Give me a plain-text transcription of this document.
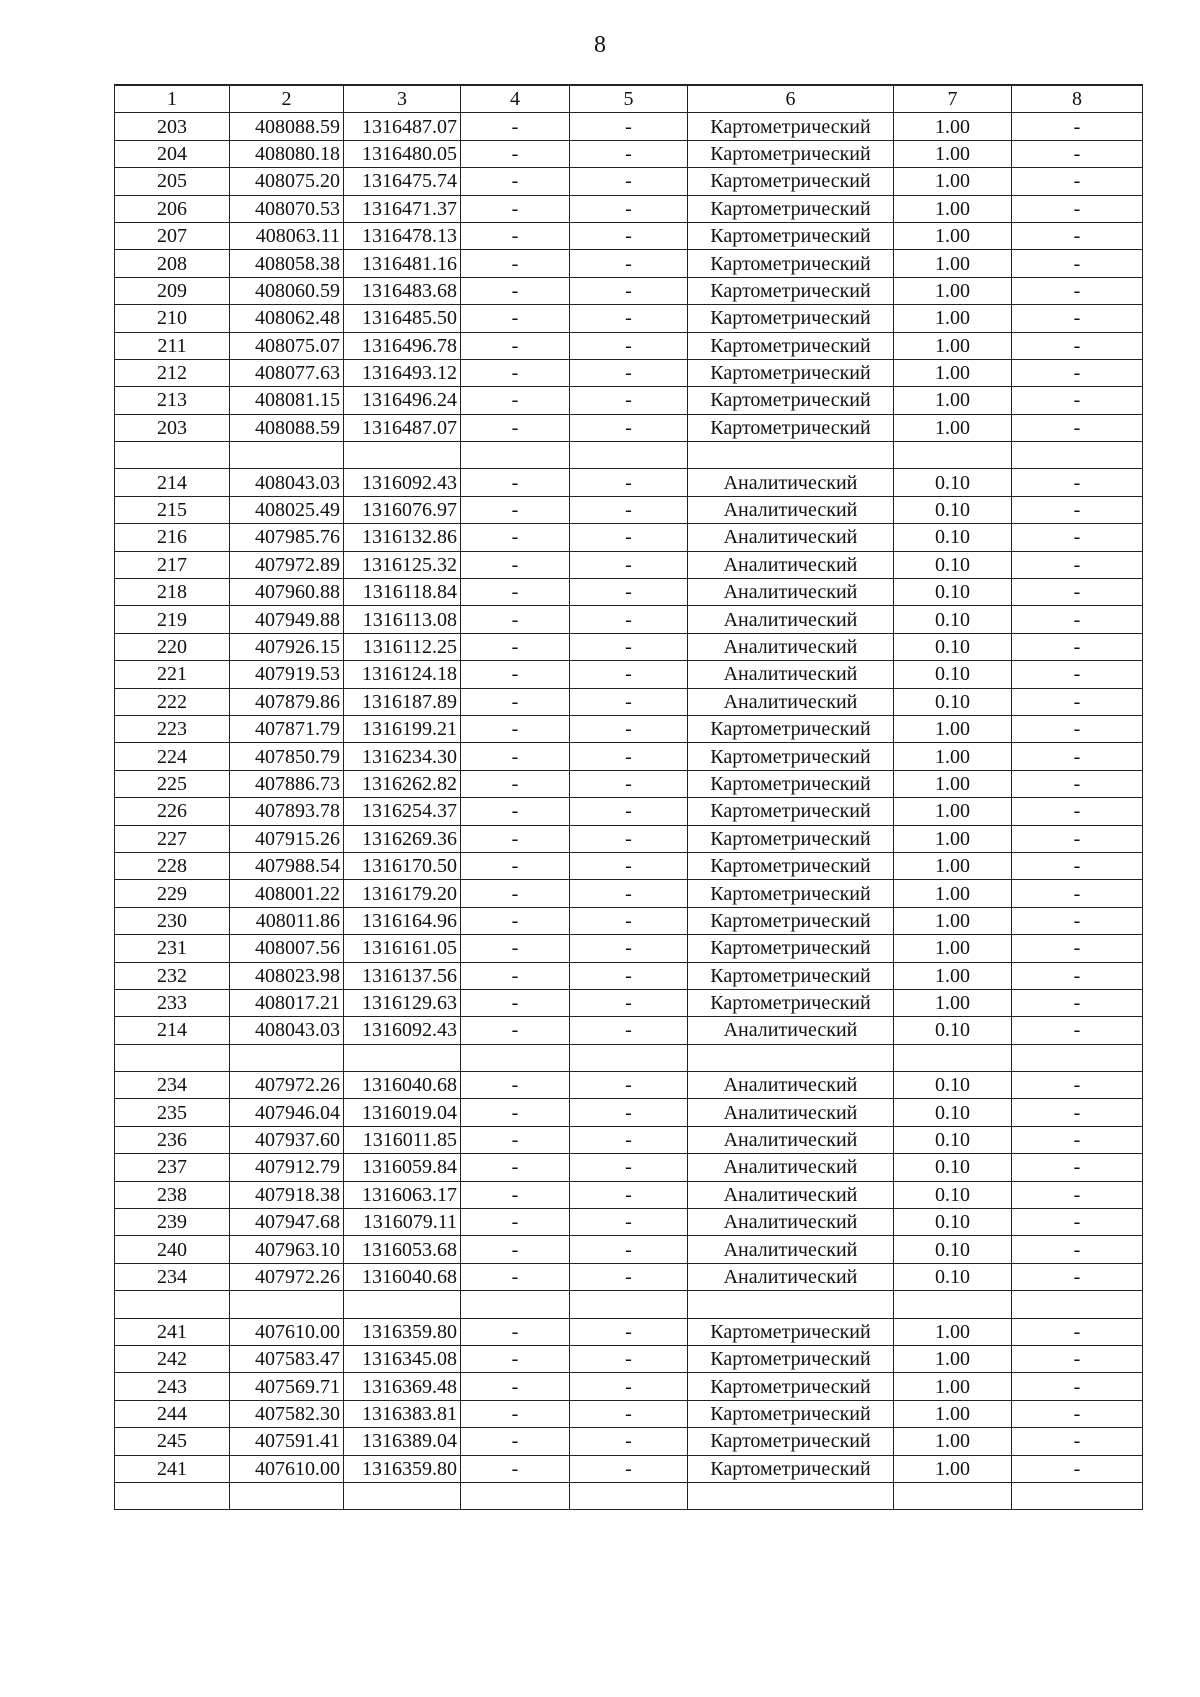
8
1	2	3	4	5	6	7	8
203	408088.59	1316487.07	-	-	Картометрический	1.00	-
204	408080.18	1316480.05	-	-	Картометрический	1.00	-
205	408075.20	1316475.74	-	-	Картометрический	1.00	-
206	408070.53	1316471.37	-	-	Картометрический	1.00	-
207	408063.11	1316478.13	-	-	Картометрический	1.00	-
208	408058.38	1316481.16	-	-	Картометрический	1.00	-
209	408060.59	1316483.68	-	-	Картометрический	1.00	-
210	408062.48	1316485.50	-	-	Картометрический	1.00	-
211	408075.07	1316496.78	-	-	Картометрический	1.00	-
212	408077.63	1316493.12	-	-	Картометрический	1.00	-
213	408081.15	1316496.24	-	-	Картометрический	1.00	-
203	408088.59	1316487.07	-	-	Картометрический	1.00	-

214	408043.03	1316092.43	-	-	Аналитический	0.10	-
215	408025.49	1316076.97	-	-	Аналитический	0.10	-
216	407985.76	1316132.86	-	-	Аналитический	0.10	-
217	407972.89	1316125.32	-	-	Аналитический	0.10	-
218	407960.88	1316118.84	-	-	Аналитический	0.10	-
219	407949.88	1316113.08	-	-	Аналитический	0.10	-
220	407926.15	1316112.25	-	-	Аналитический	0.10	-
221	407919.53	1316124.18	-	-	Аналитический	0.10	-
222	407879.86	1316187.89	-	-	Аналитический	0.10	-
223	407871.79	1316199.21	-	-	Картометрический	1.00	-
224	407850.79	1316234.30	-	-	Картометрический	1.00	-
225	407886.73	1316262.82	-	-	Картометрический	1.00	-
226	407893.78	1316254.37	-	-	Картометрический	1.00	-
227	407915.26	1316269.36	-	-	Картометрический	1.00	-
228	407988.54	1316170.50	-	-	Картометрический	1.00	-
229	408001.22	1316179.20	-	-	Картометрический	1.00	-
230	408011.86	1316164.96	-	-	Картометрический	1.00	-
231	408007.56	1316161.05	-	-	Картометрический	1.00	-
232	408023.98	1316137.56	-	-	Картометрический	1.00	-
233	408017.21	1316129.63	-	-	Картометрический	1.00	-
214	408043.03	1316092.43	-	-	Аналитический	0.10	-

234	407972.26	1316040.68	-	-	Аналитический	0.10	-
235	407946.04	1316019.04	-	-	Аналитический	0.10	-
236	407937.60	1316011.85	-	-	Аналитический	0.10	-
237	407912.79	1316059.84	-	-	Аналитический	0.10	-
238	407918.38	1316063.17	-	-	Аналитический	0.10	-
239	407947.68	1316079.11	-	-	Аналитический	0.10	-
240	407963.10	1316053.68	-	-	Аналитический	0.10	-
234	407972.26	1316040.68	-	-	Аналитический	0.10	-

241	407610.00	1316359.80	-	-	Картометрический	1.00	-
242	407583.47	1316345.08	-	-	Картометрический	1.00	-
243	407569.71	1316369.48	-	-	Картометрический	1.00	-
244	407582.30	1316383.81	-	-	Картометрический	1.00	-
245	407591.41	1316389.04	-	-	Картометрический	1.00	-
241	407610.00	1316359.80	-	-	Картометрический	1.00	-
